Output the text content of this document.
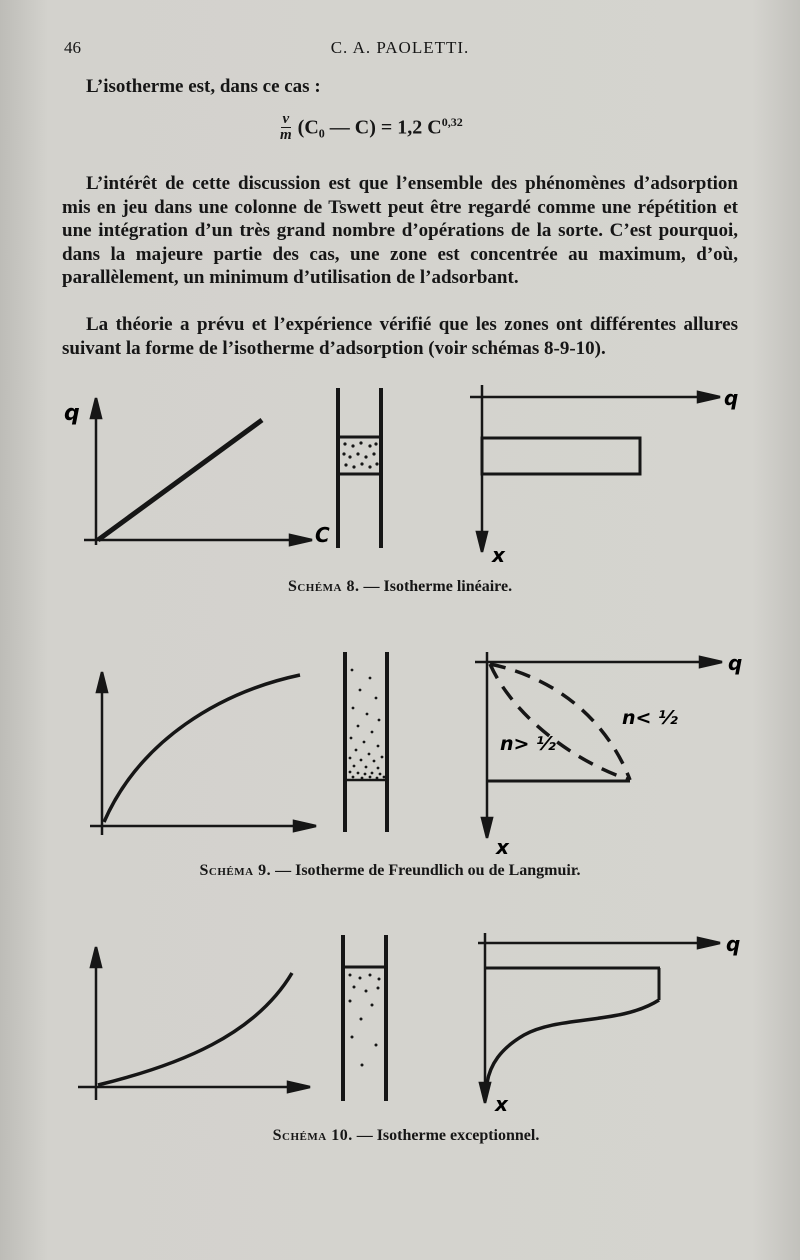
46	C. A. PAOLETTI.
L’isotherme est, dans ce cas :
$\frac{v}{m} (C_0$ — C) = 1,2 C$^{0,32}$
L’intérêt de cette discussion est que l’ensemble des phénomènes d’adsorption mis en jeu dans une colonne de Tswett peut être regardé comme une répétition et une intégration d’un très grand nombre d’opérations de la sorte. C’est pourquoi, dans la majeure partie des cas, une zone est concentrée au maximum, d’où, parallèlement, un minimum d’utilisation de l’adsorbant.
La théorie a prévu et l’expérience vérifié que les zones ont différentes allures suivant la forme de l’isotherme d’adsorption (voir schémas 8-9-10).
q
C
q
x
Schéma 8. — Isotherme linéaire.
q
x
n< ½
n> ½
Schéma 9. — Isotherme de Freundlich ou de Langmuir.
q
x
Schéma 10. — Isotherme exceptionnel.
